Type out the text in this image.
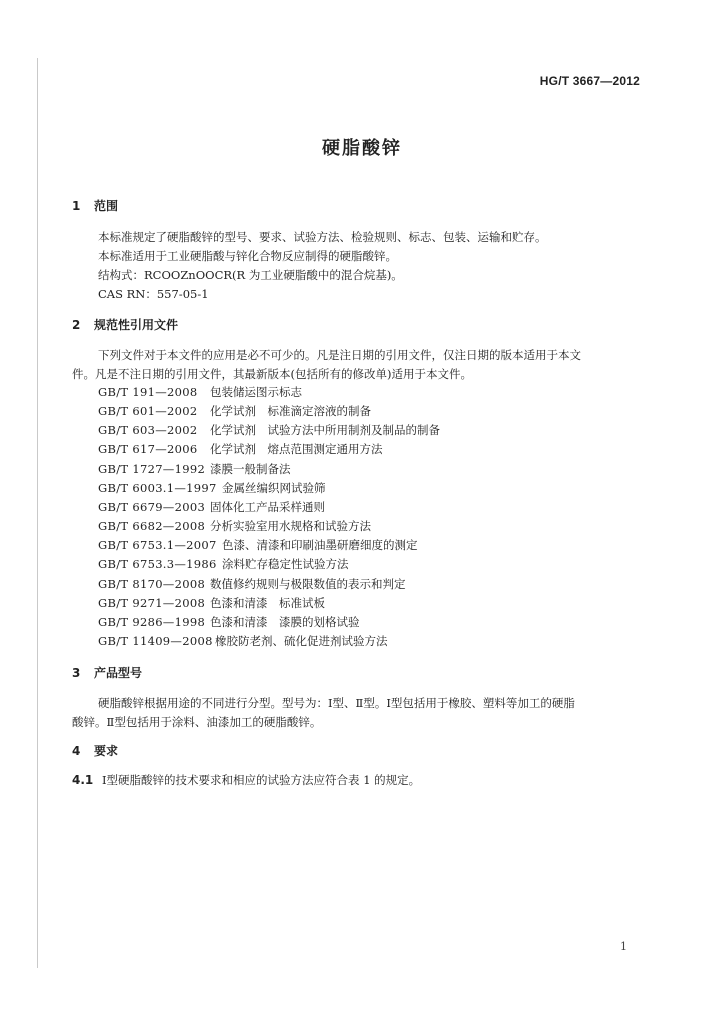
HG/T 3667—2012
硬脂酸锌
1 范围
本标准规定了硬脂酸锌的型号、要求、试验方法、检验规则、标志、包装、运输和贮存。
本标准适用于工业硬脂酸与锌化合物反应制得的硬脂酸锌。
结构式：RCOOZnOOCR(R 为工业硬脂酸中的混合烷基)。
CAS RN：557-05-1
2 规范性引用文件
下列文件对于本文件的应用是必不可少的。凡是注日期的引用文件，仅注日期的版本适用于本文
件。凡是不注日期的引用文件，其最新版本(包括所有的修改单)适用于本文件。
GB/T 191—2008 包装储运图示标志
GB/T 601—2002 化学试剂　标准滴定溶液的制备
GB/T 603—2002 化学试剂　试验方法中所用制剂及制品的制备
GB/T 617—2006 化学试剂　熔点范围测定通用方法
GB/T 1727—1992 漆膜一般制备法
GB/T 6003.1—1997 金属丝编织网试验筛
GB/T 6679—2003 固体化工产品采样通则
GB/T 6682—2008 分析实验室用水规格和试验方法
GB/T 6753.1—2007 色漆、清漆和印刷油墨研磨细度的测定
GB/T 6753.3—1986 涂料贮存稳定性试验方法
GB/T 8170—2008 数值修约规则与极限数值的表示和判定
GB/T 9271—2008 色漆和清漆　标准试板
GB/T 9286—1998 色漆和清漆　漆膜的划格试验
GB/T 11409—2008 橡胶防老剂、硫化促进剂试验方法
3 产品型号
硬脂酸锌根据用途的不同进行分型。型号为：Ⅰ型、Ⅱ型。Ⅰ型包括用于橡胶、塑料等加工的硬脂
酸锌。Ⅱ型包括用于涂料、油漆加工的硬脂酸锌。
4 要求
4.1 Ⅰ型硬脂酸锌的技术要求和相应的试验方法应符合表 1 的规定。
1
